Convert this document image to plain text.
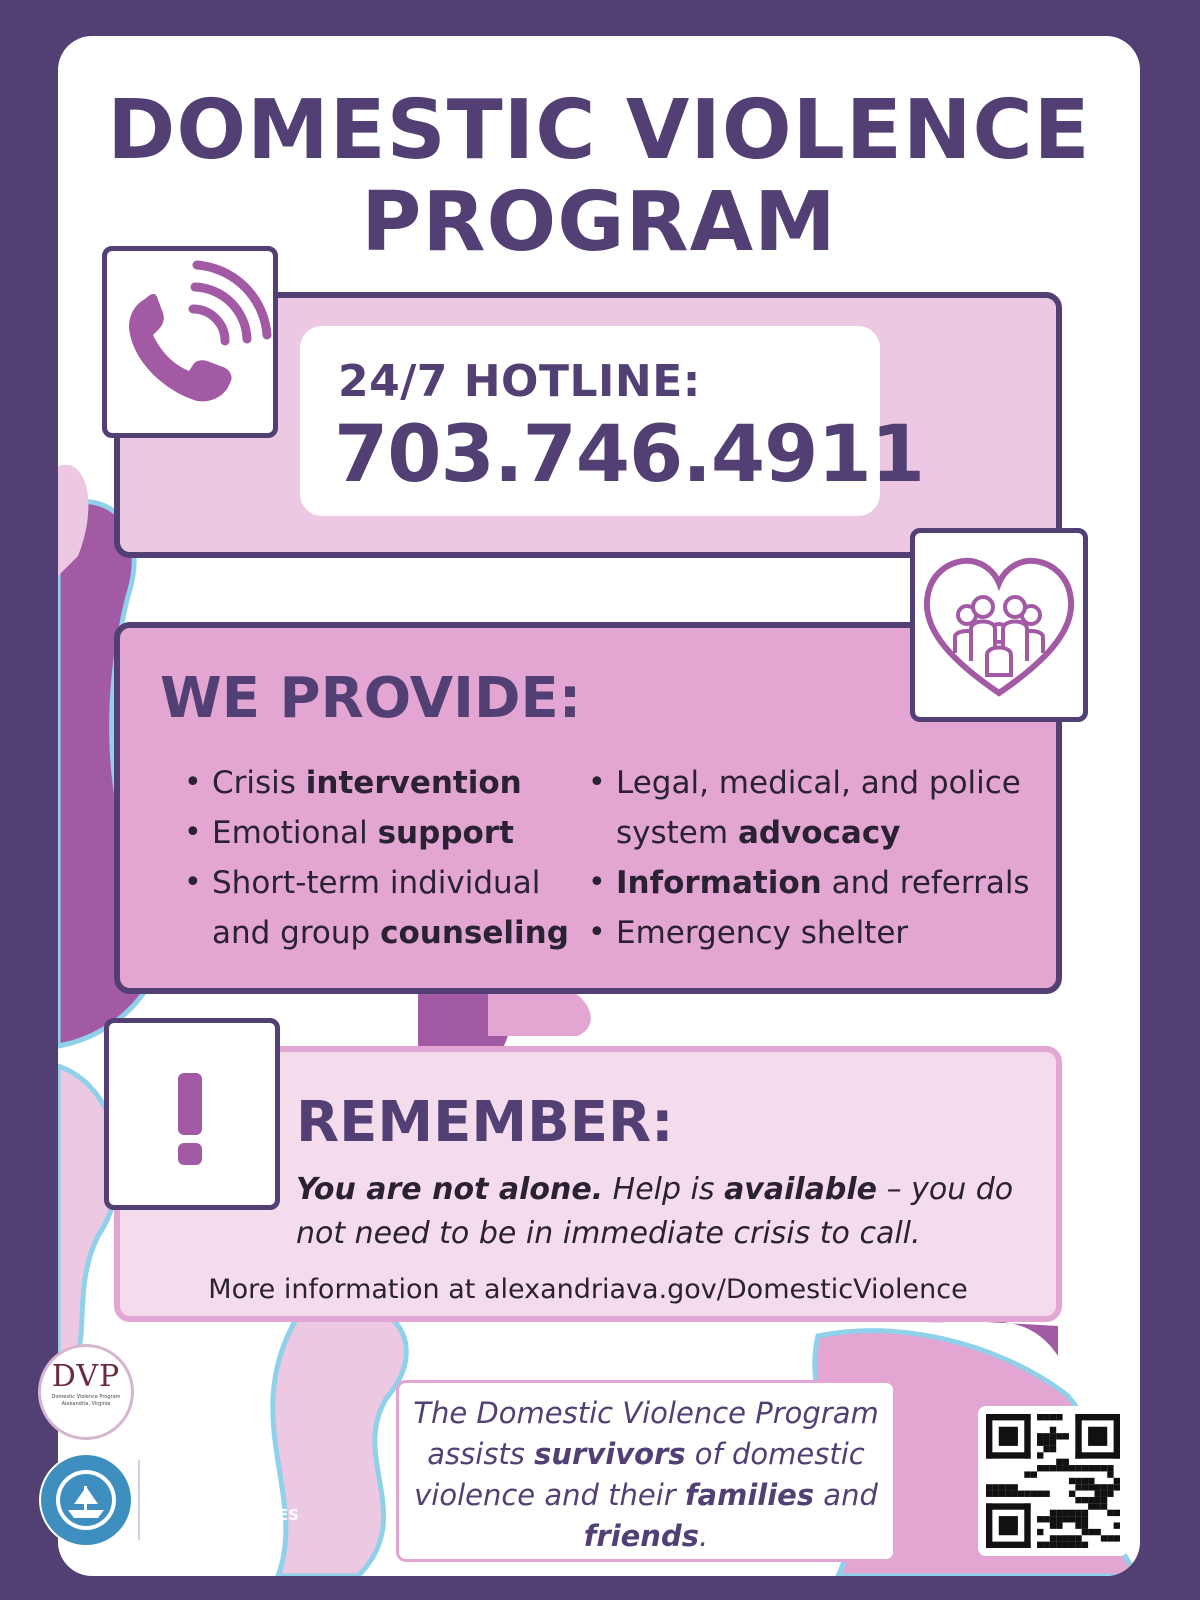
DOMESTIC VIOLENCE
PROGRAM
24/7 HOTLINE:
703.746.4911
WE PROVIDE:
• Crisis intervention
• Emotional support
• Short-term individual and group counseling
• Legal, medical, and police system advocacy
• Information and referrals
• Emergency shelter
REMEMBER:
You are not alone. Help is available – you do not need to be in immediate crisis to call.
More information at alexandriava.gov/DomesticViolence
The Domestic Violence Program assists survivors of domestic violence and their families and friends.
DVP
Domestic Violence Program
Alexandria, Virginia
DEPARTMENT OF
COMMUNITY &
HUMAN SERVICES
